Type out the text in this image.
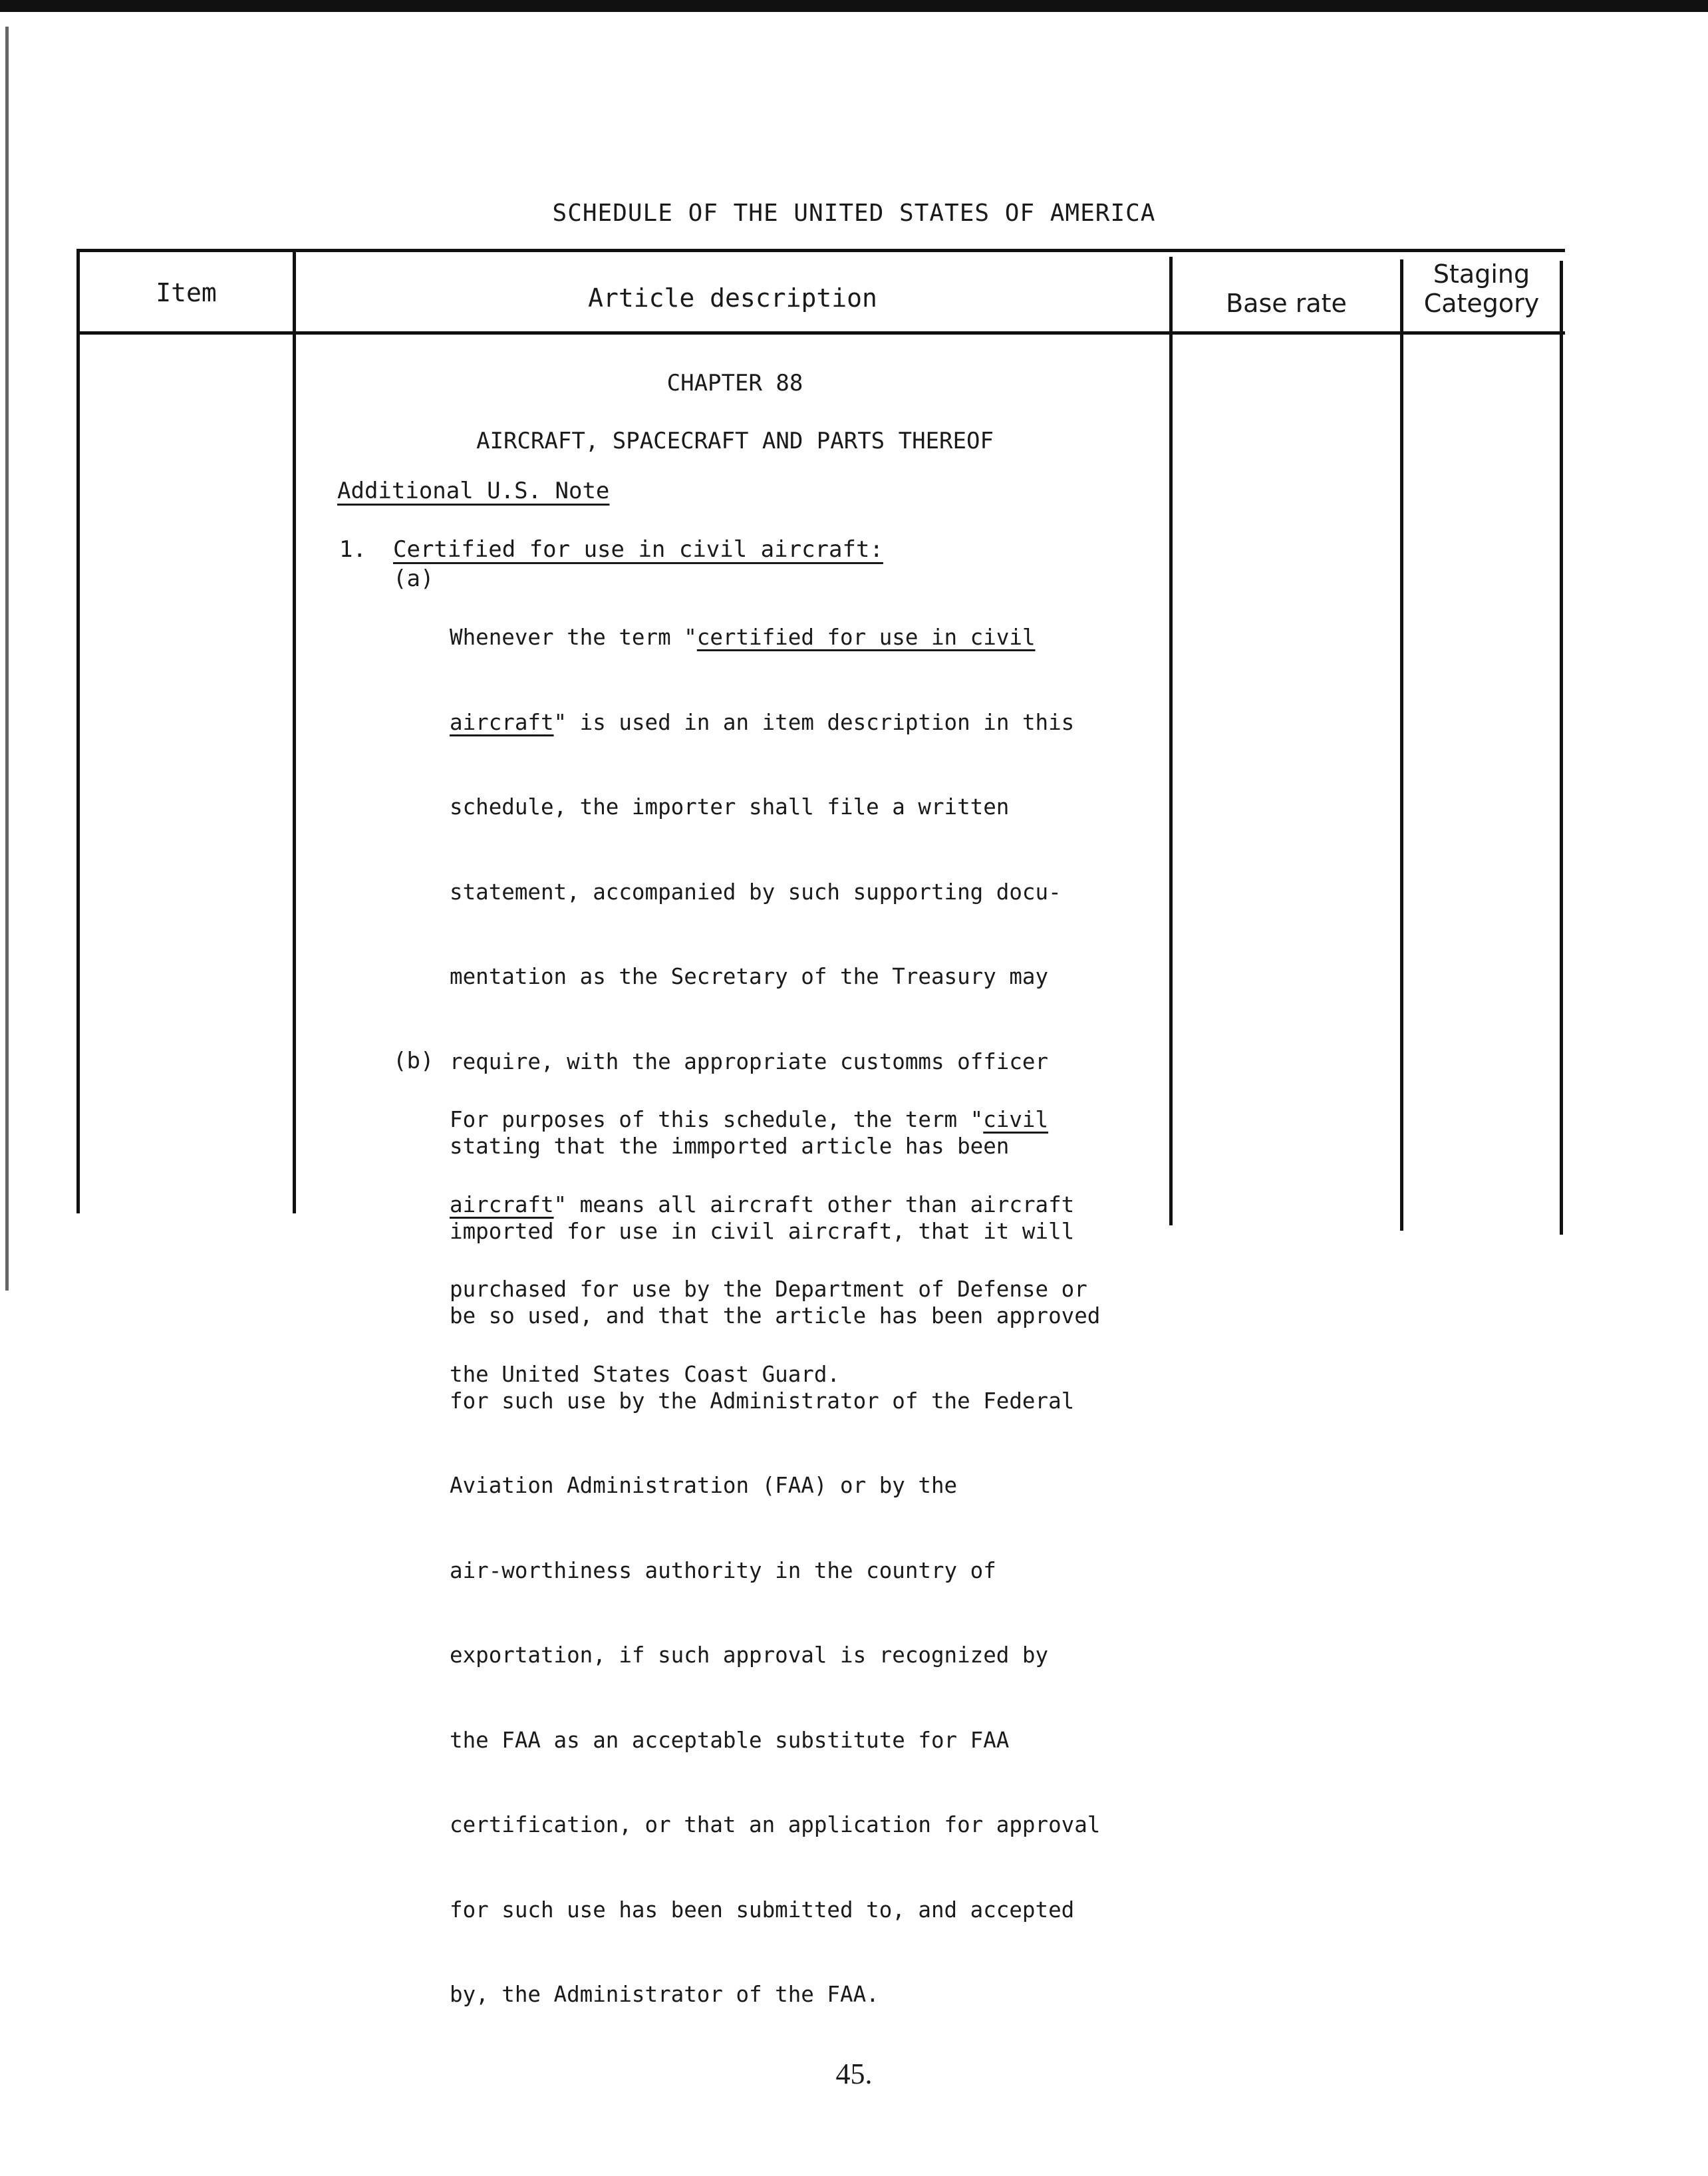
SCHEDULE OF THE UNITED STATES OF AMERICA
Item	Article description	Base rate
Staging
Category
CHAPTER 88
AIRCRAFT, SPACECRAFT AND PARTS THEREOF
Additional U.S. Note
1. Certified for use in civil aircraft:
(a)

Whenever the term "certified for use in civil

aircraft" is used in an item description in this

schedule, the importer shall file a written

statement, accompanied by such supporting docu-

mentation as the Secretary of the Treasury may

require, with the appropriate customms officer

stating that the immported article has been

imported for use in civil aircraft, that it will

be so used, and that the article has been approved

for such use by the Administrator of the Federal

Aviation Administration (FAA) or by the

air-worthiness authority in the country of

exportation, if such approval is recognized by

the FAA as an acceptable substitute for FAA

certification, or that an application for approval

for such use has been submitted to, and accepted

by, the Administrator of the FAA.

(b)

For purposes of this schedule, the term "civil

aircraft" means all aircraft other than aircraft

purchased for use by the Department of Defense or

the United States Coast Guard.

45.
